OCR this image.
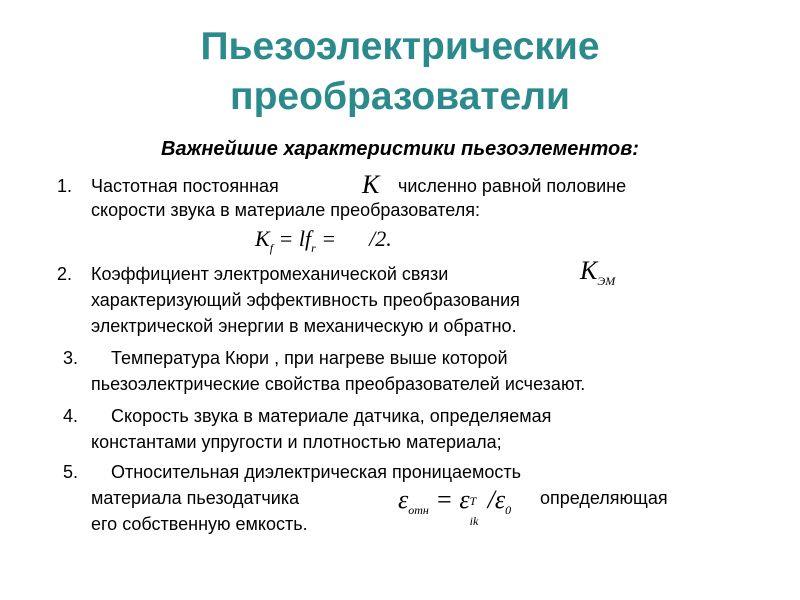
Пьезоэлектрические
преобразователи
Важнейшие характеристики пьезоэлементов:
1. Частотная постоянная	K численно равной половине
скорости звука в материале преобразователя:
$K_f = lf_r$ =      /2.
2. Коэффициент электромеханической связи	$K_{ЭМ}$
характеризующий эффективность преобразования
электрической энергии в механическую и обратно.
3. Температура Кюри , при нагреве выше которой
пьезоэлектрические свойства преобразователей исчезают.
4. Скорость звука в материале датчика, определяемая
константами упругости и плотностью материала;
5. Относительная диэлектрическая проницаемость
материала пьезодатчика	$\varepsilon_{отн} = \varepsilon$ T
ik
$/\varepsilon_0$
определяющая
его собственную емкость.
